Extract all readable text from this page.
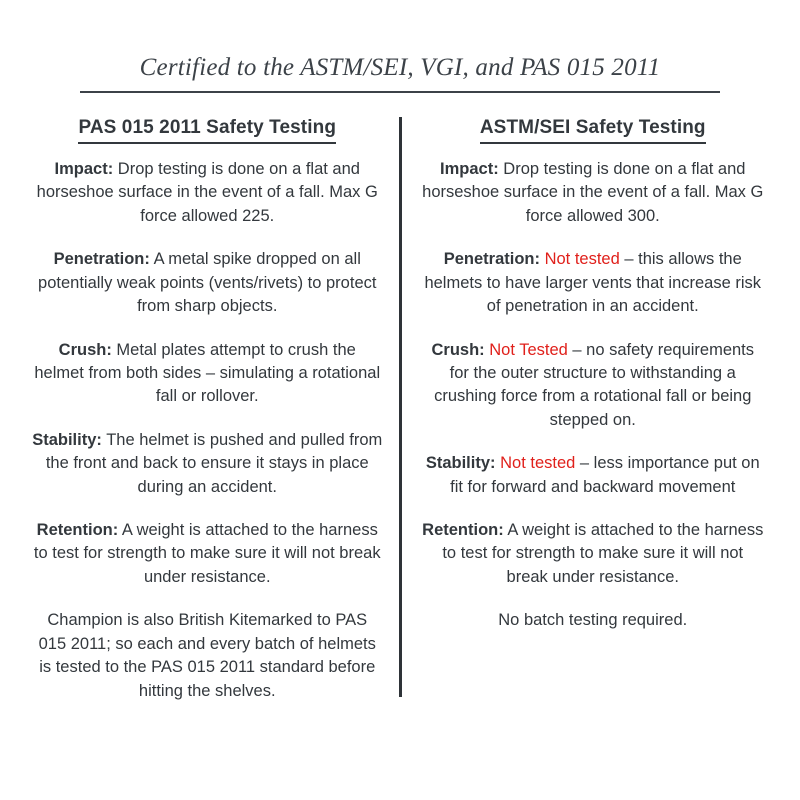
Certified to the ASTM/SEI, VGI, and PAS 015 2011
PAS 015 2011 Safety Testing

Impact: Drop testing is done on a flat and horseshoe surface in the event of a fall. Max G force allowed 225.

Penetration: A metal spike dropped on all potentially weak points (vents/rivets) to protect from sharp objects.

Crush: Metal plates attempt to crush the helmet from both sides – simulating a rotational fall or rollover.

Stability: The helmet is pushed and pulled from the front and back to ensure it stays in place during an accident.

Retention: A weight is attached to the harness to test for strength to make sure it will not break under resistance.

Champion is also British Kitemarked to PAS 015 2011; so each and every batch of helmets is tested to the PAS 015 2011 standard before hitting the shelves.

ASTM/SEI Safety Testing

Impact: Drop testing is done on a flat and horseshoe surface in the event of a fall. Max G force allowed 300.

Penetration: Not tested – this allows the helmets to have larger vents that increase risk of penetration in an accident.

Crush: Not Tested – no safety requirements for the outer structure to withstanding a crushing force from a rotational fall or being stepped on.

Stability: Not tested – less importance put on fit for forward and backward movement

Retention: A weight is attached to the harness to test for strength to make sure it will not break under resistance.

No batch testing required.
